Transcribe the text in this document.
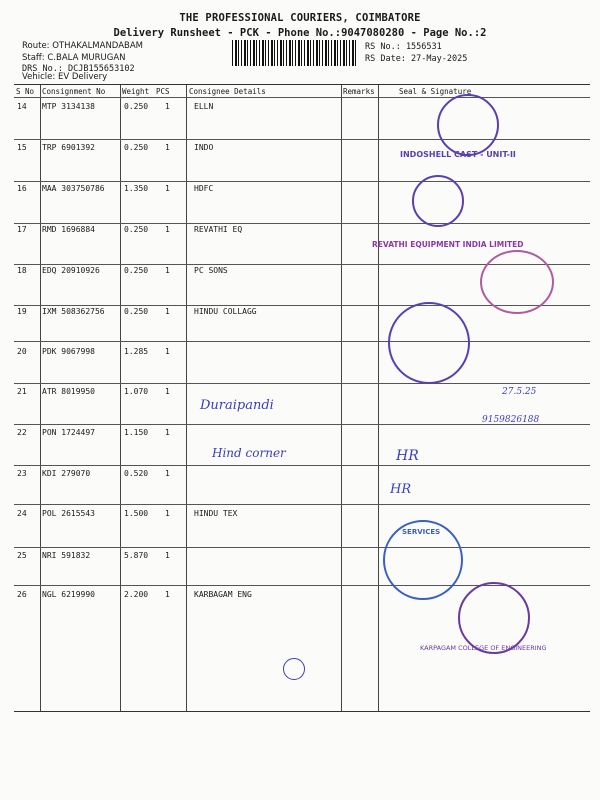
THE PROFESSIONAL COURIERS, COIMBATORE
Delivery Runsheet - PCK - Phone No.:9047080280 - Page No.:2
Route: OTHAKALMANDABAM
Staff: C.BALA MURUGAN
DRS No.: DCJB155653102
RS No.: 1556531
RS Date: 27-May-2025
Vehicle: EV Delivery
S No Consignment No Weight PCS	Consignee Details	Remarks	Seal & Signature
14 MTP 3134138	0.250 1	ELLN
15 TRP 6901392	0.250 1	INDO
16 MAA 303750786 1.350 1	HDFC
17 RMD 1696884	0.250 1	REVATHI EQ
18 EDQ 20910926	0.250 1	PC SONS
19 IXM 508362756 0.250 1	HINDU COLLAGG
20 PDK 9067998	1.285 1
21 ATR 8019950	1.070 1
22 PON 1724497	1.150 1
23 KDI 279070	0.520 1
24 POL 2615543	1.500 1	HINDU TEX
25 NRI 591832	5.870 1
26 NGL 6219990	2.200 1	KARBAGAM ENG
INDOSHELL CAST - UNIT-II
REVATHI EQUIPMENT INDIA LIMITED
Duraipandi
27.5.25
9159826188
Hind corner	HR
HR
SERVICES
KARPAGAM COLLEGE OF ENGINEERING
